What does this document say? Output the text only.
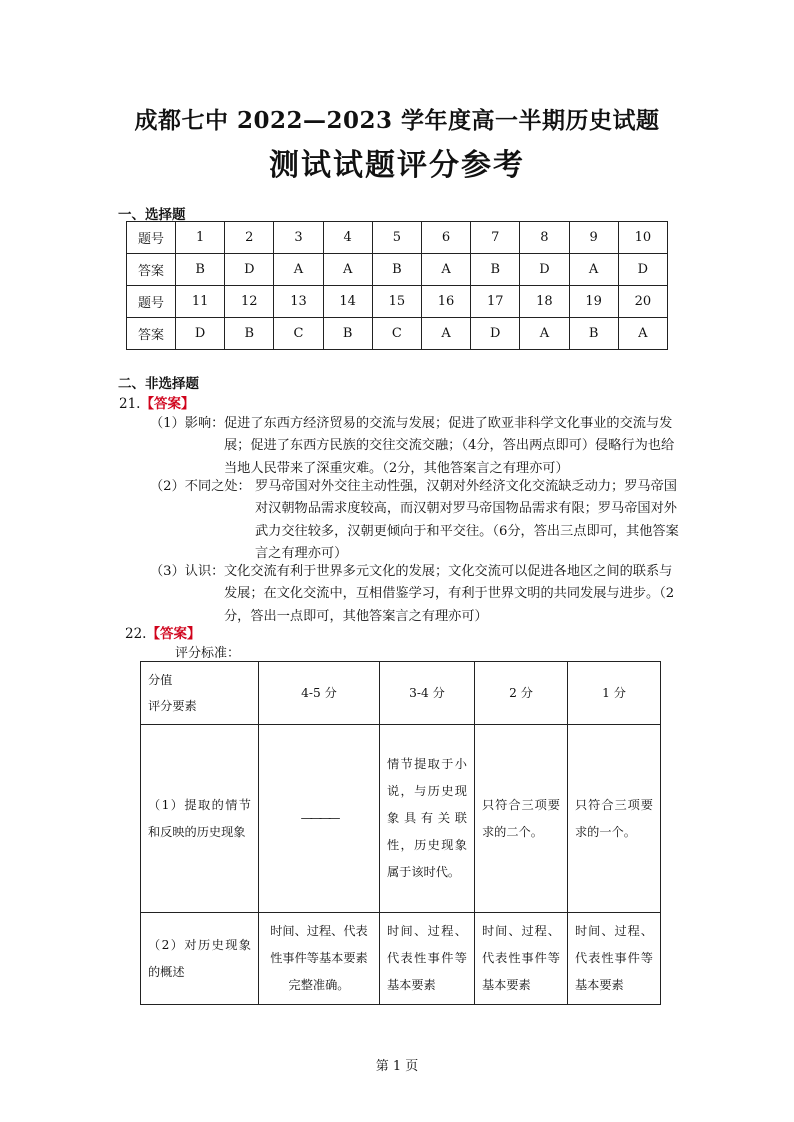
成都七中 2022—2023 学年度高一半期历史试题
测试试题评分参考
一、选择题
题号	1	2	3	4	5	6	7	8	9	10
答案	B	D	A	A	B	A	B	D	A	D
题号	11	12	13	14	15	16	17	18	19	20
答案	D	B	C	B	C	A	D	A	B	A
二、非选择题
21.【答案】
（1）影响： 促进了东西方经济贸易的交流与发展；促进了欧亚非科学文化事业的交流与发展；促进了东西方民族的交往交流交融；（4分，答出两点即可）侵略行为也给当地人民带来了深重灾难。（2分，其他答案言之有理亦可）
（2）不同之处： 罗马帝国对外交往主动性强，汉朝对外经济文化交流缺乏动力；罗马帝国对汉朝物品需求度较高，而汉朝对罗马帝国物品需求有限；罗马帝国对外武力交往较多，汉朝更倾向于和平交往。（6分，答出三点即可，其他答案言之有理亦可）
（3）认识： 文化交流有利于世界多元文化的发展；文化交流可以促进各地区之间的联系与发展；在文化交流中，互相借鉴学习，有利于世界文明的共同发展与进步。（2分，答出一点即可，其他答案言之有理亦可）
22.【答案】
评分标准：
分值
评分要素	4-5 分	3-4 分	2 分	1 分

（1）提取的情节和反映的历史现象	————	情节提取于小说，与历史现象具有关联性，历史现象属于该时代。	只符合三项要求的二个。	只符合三项要求的一个。

（2）对历史现象的概述	时间、过程、代表性事件等基本要素完整准确。	时间、过程、代表性事件等基本要素	时间、过程、代表性事件等基本要素	时间、过程、代表性事件等基本要素
第 1 页
